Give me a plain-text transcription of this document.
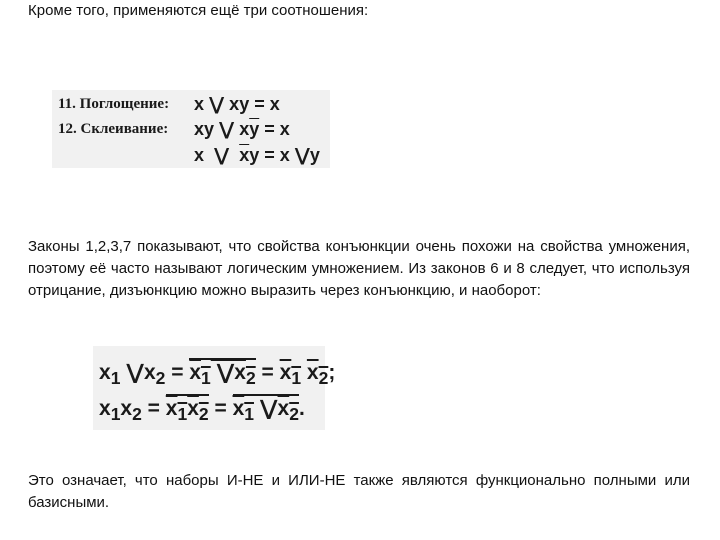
Кроме того, применяются ещё три соотношения:
11. Поглощение: x ⋁ xy = x
12. Склеивание: xy ⋁ $x\overline{y} = x$
x  ⋁  $\overline{x}y = x$ ⋁y
Законы 1,2,3,7 показывают, что свойства конъюнкции очень похожи на свойства умножения, поэтому её часто называют логическим умножением. Из законов 6 и 8 следует, что используя отрицание, дизъюнкцию можно выразить через конъюнкцию, и наоборот:
$x_1$ $⋁x_2 = x_1$ $⋁x_2 = x_1$ $x_2$;
$x_1x_2 = x_1x_2 = x_1$ $⋁x_2$.
Это означает, что наборы И-НЕ и ИЛИ-НЕ также являются функционально полными или базисными.
